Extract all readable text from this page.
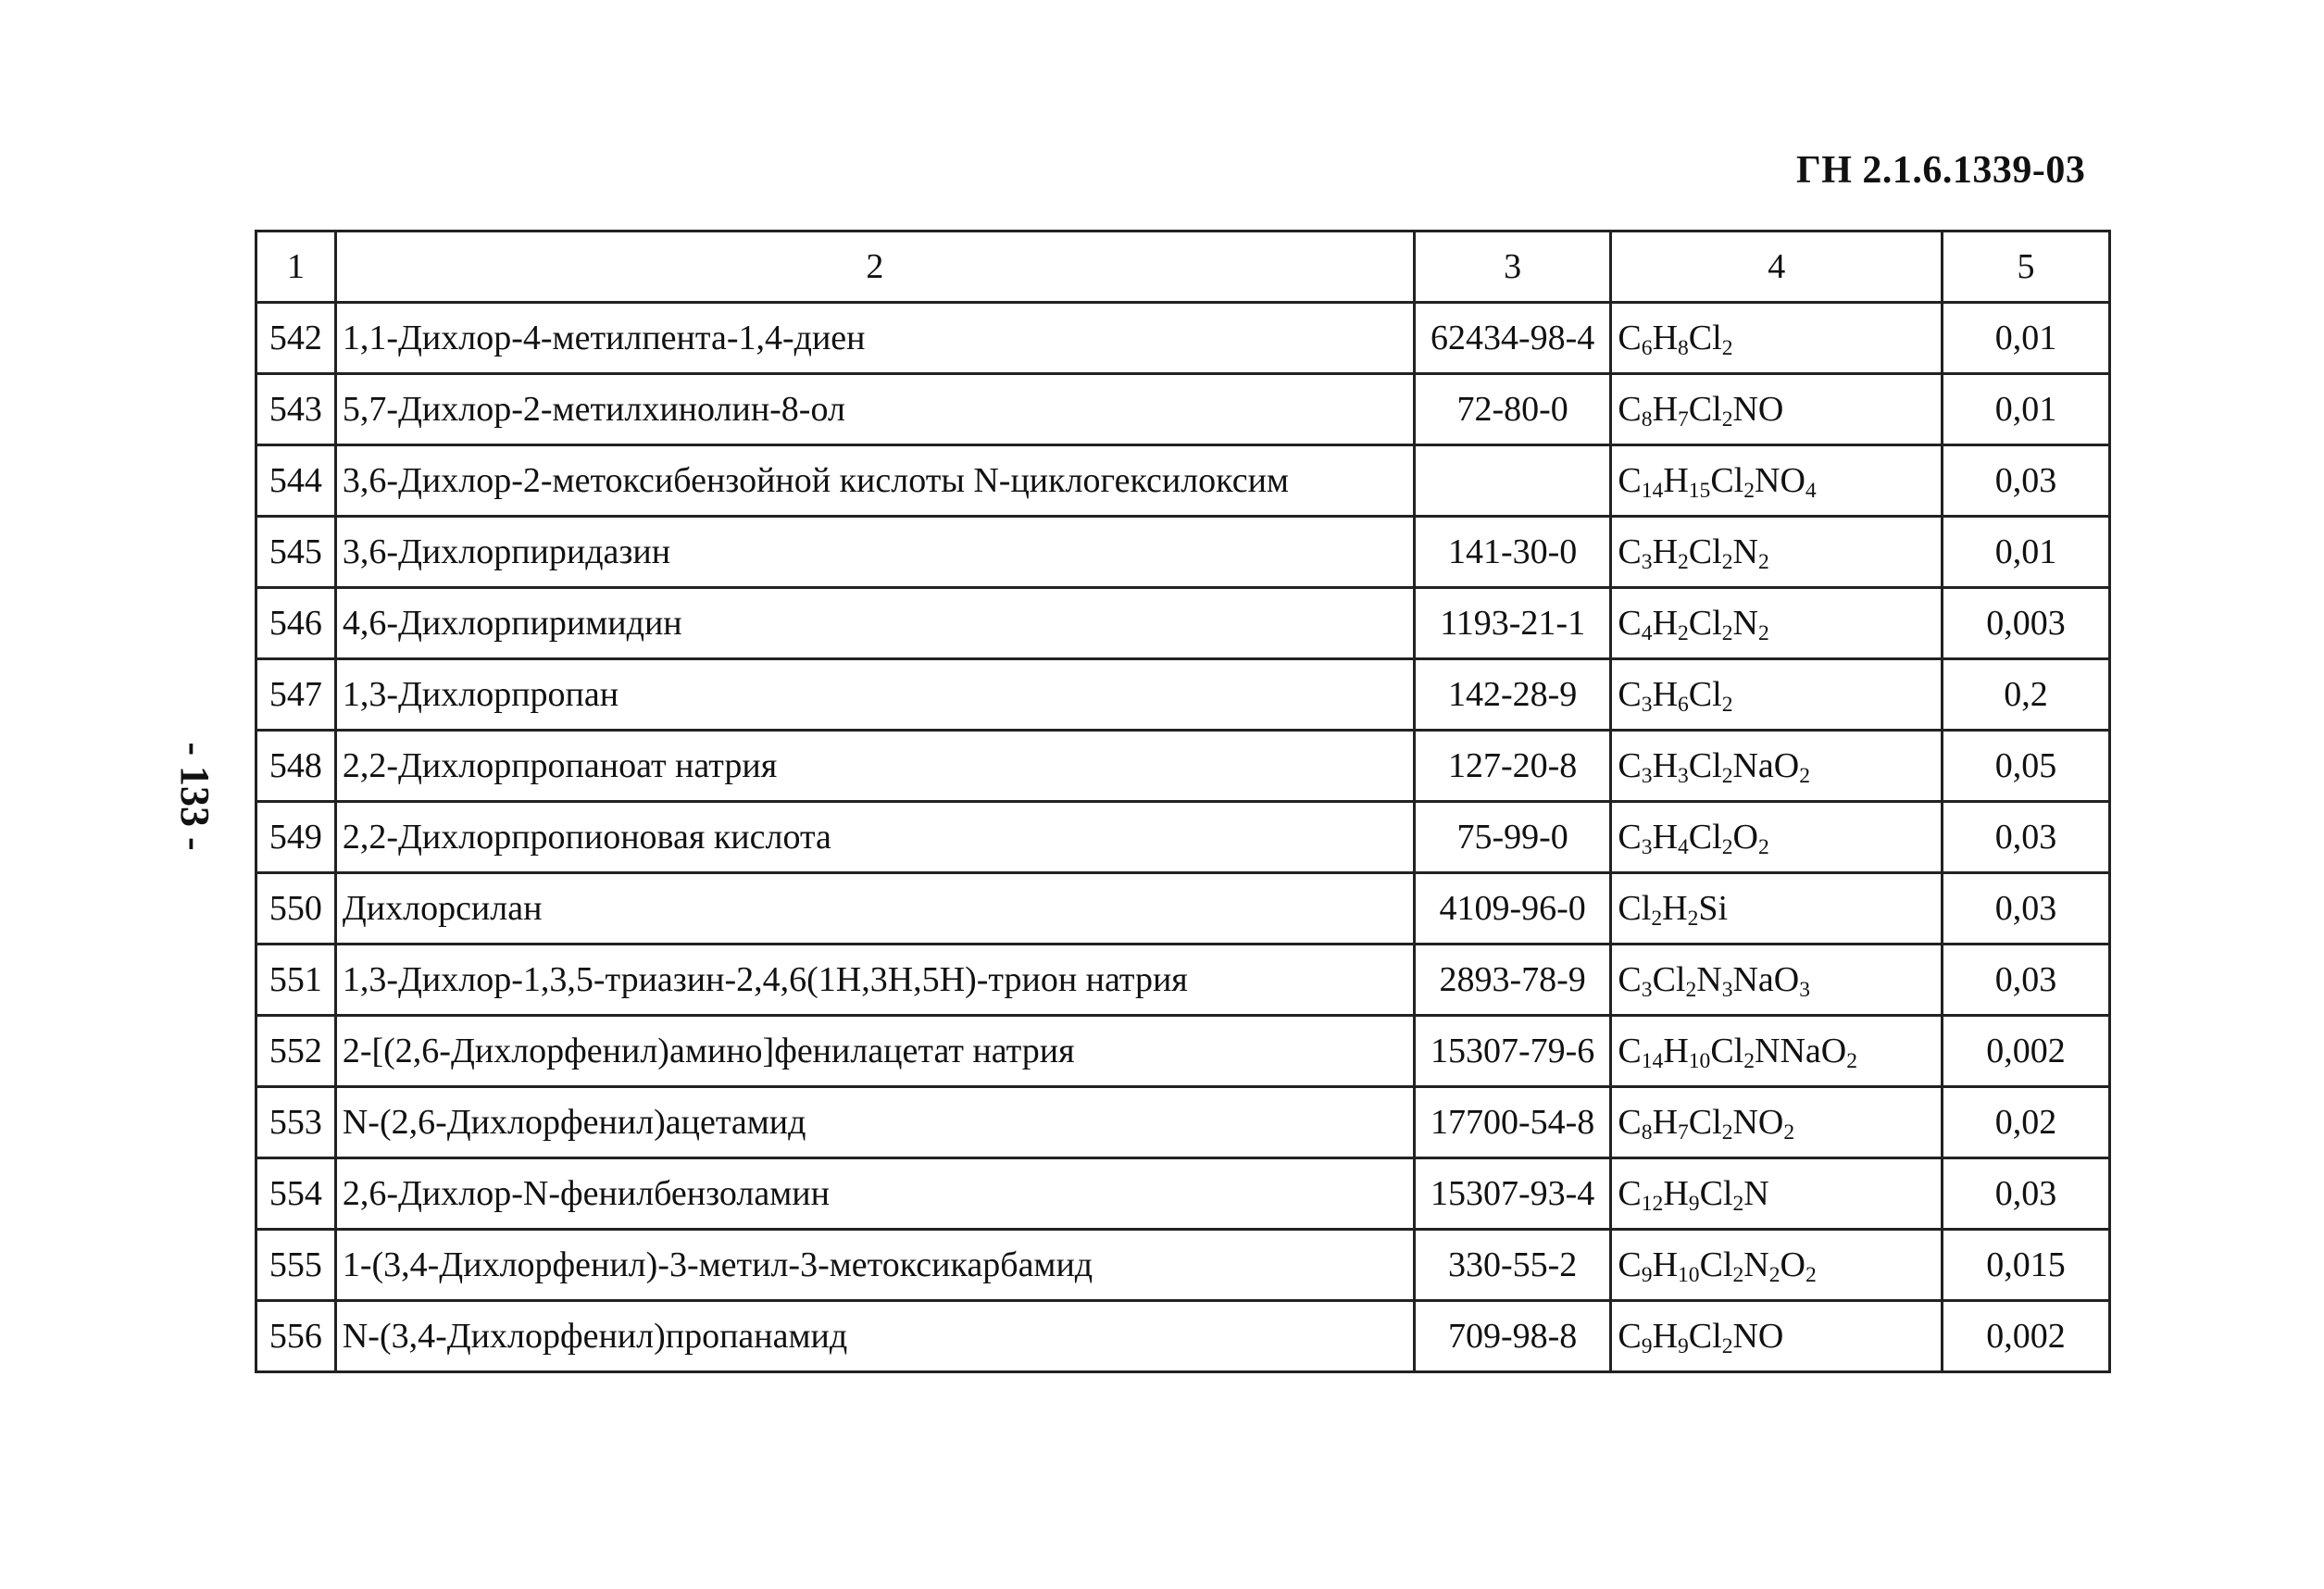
ГН 2.1.6.1339-03
- 133 -
1	2	3	4	5
542	1,1-Дихлор-4-метилпента-1,4-диен	62434-98-4	$C_6H_8Cl_2$	0,01
543	5,7-Дихлор-2-метилхинолин-8-ол	72-80-0	$C_8H_7Cl_2NO$	0,01
544	3,6-Дихлор-2-метоксибензойной кислоты N-циклогексилоксим		$C_{14}H_{15}Cl_2NO_4$	0,03
545	3,6-Дихлорпиридазин	141-30-0	$C_3H_2Cl_2N_2$	0,01
546	4,6-Дихлорпиримидин	1193-21-1	$C_4H_2Cl_2N_2$	0,003
547	1,3-Дихлорпропан	142-28-9	$C_3H_6Cl_2$	0,2
548	2,2-Дихлорпропаноат натрия	127-20-8	$C_3H_3Cl_2NaO_2$	0,05
549	2,2-Дихлорпропионовая кислота	75-99-0	$C_3H_4Cl_2O_2$	0,03
550	Дихлорсилан	4109-96-0	$Cl_2H_2Si$	0,03
551	1,3-Дихлор-1,3,5-триазин-2,4,6(1Н,3Н,5Н)-трион натрия	2893-78-9	$C_3Cl_2N_3NaO_3$	0,03
552	2-[(2,6-Дихлорфенил)амино]фенилацетат натрия	15307-79-6	$C_{14}H_{10}Cl_2NNaO_2$	0,002
553	N-(2,6-Дихлорфенил)ацетамид	17700-54-8	$C_8H_7Cl_2NO_2$	0,02
554	2,6-Дихлор-N-фенилбензоламин	15307-93-4	$C_{12}H_9Cl_2N$	0,03
555	1-(3,4-Дихлорфенил)-3-метил-3-метоксикарбамид	330-55-2	$C_9H_{10}Cl_2N_2O_2$	0,015
556	N-(3,4-Дихлорфенил)пропанамид	709-98-8	$C_9H_9Cl_2NO$	0,002
